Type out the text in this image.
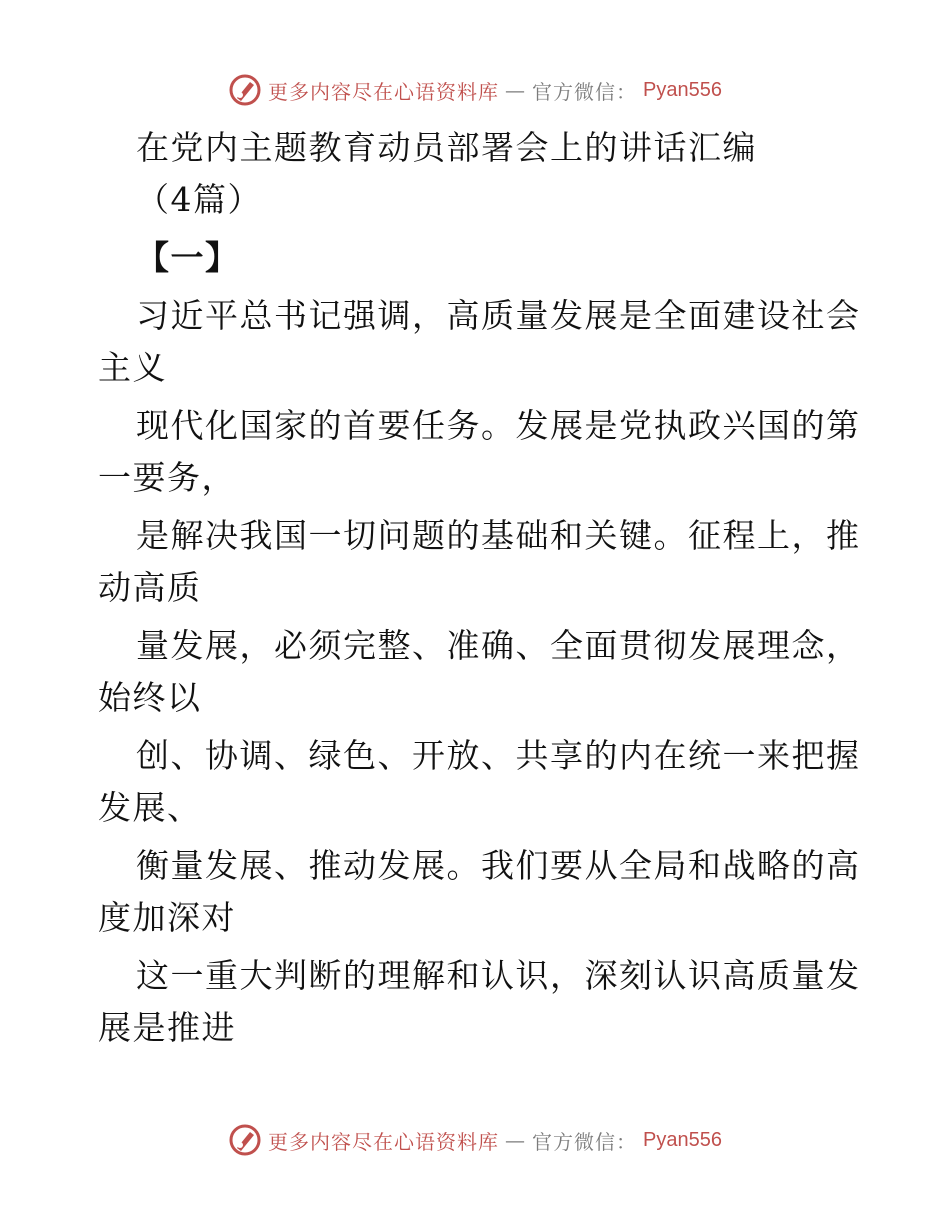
更多内容尽在心语资料库 — 官方微信： Pyan556

在党内主题教育动员部署会上的讲话汇编

（4篇）

【一】

习近平总书记强调，高质量发展是全面建设社会

主义

现代化国家的首要任务。发展是党执政兴国的第

一要务，

是解决我国一切问题的基础和关键。征程上，推

动高质

量发展，必须完整、准确、全面贯彻发展理念，

始终以

创、协调、绿色、开放、共享的内在统一来把握

发展、

衡量发展、推动发展。我们要从全局和战略的高

度加深对

这一重大判断的理解和认识，深刻认识高质量发

展是推进

更多内容尽在心语资料库 — 官方微信： Pyan556
